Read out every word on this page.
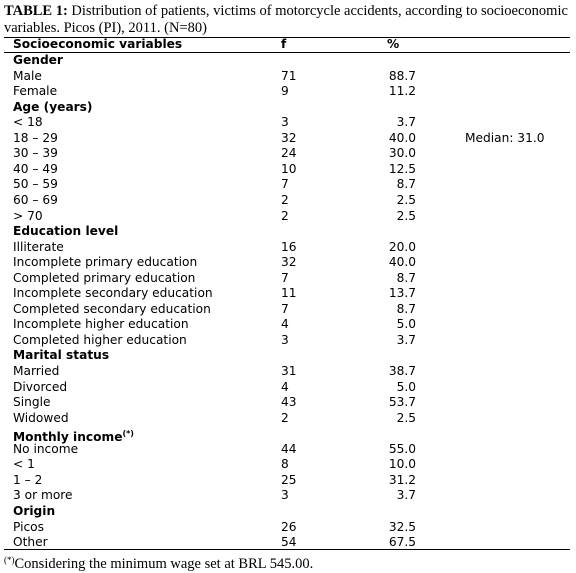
TABLE 1: Distribution of patients, victims of motorcycle accidents, according to socioeconomic variables. Picos (PI), 2011. (N=80)
Socioeconomic variables	f	%
Gender
Male	71	88.7
Female	9	11.2
Age (years)
< 18	3	3.7
18 – 29	32	40.0	Median: 31.0
30 – 39	24	30.0
40 – 49	10	12.5
50 – 59	7	8.7
60 – 69	2	2.5
> 70	2	2.5
Education level
Illiterate	16	20.0
Incomplete primary education	32	40.0
Completed primary education	7	8.7
Incomplete secondary education	11	13.7
Completed secondary education	7	8.7
Incomplete higher education	4	5.0
Completed higher education	3	3.7
Marital status
Married	31	38.7
Divorced	4	5.0
Single	43	53.7
Widowed	2	2.5
Monthly income(*)
No income	44	55.0
< 1	8	10.0
1 – 2	25	31.2
3 or more	3	3.7
Origin
Picos	26	32.5
Other	54	67.5
(*)Considering the minimum wage set at BRL 545.00.
